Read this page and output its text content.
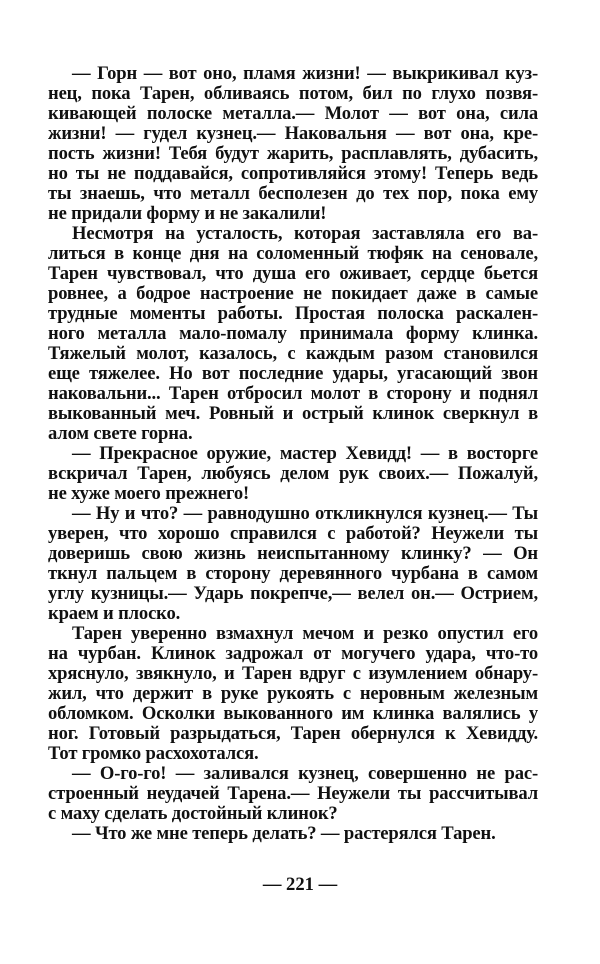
— Горн — вот оно, пламя жизни! — выкрикивал куз-
нец, пока Тарен, обливаясь потом, бил по глухо позвя-
кивающей полоске металла.— Молот — вот она, сила
жизни! — гудел кузнец.— Наковальня — вот она, кре-
пость жизни! Тебя будут жарить, расплавлять, дубасить,
но ты не поддавайся, сопротивляйся этому! Теперь ведь
ты знаешь, что металл бесполезен до тех пор, пока ему
не придали форму и не закалили!
Несмотря на усталость, которая заставляла его ва-
литься в конце дня на соломенный тюфяк на сеновале,
Тарен чувствовал, что душа его оживает, сердце бьется
ровнее, а бодрое настроение не покидает даже в самые
трудные моменты работы. Простая полоска раскален-
ного металла мало-помалу принимала форму клинка.
Тяжелый молот, казалось, с каждым разом становился
еще тяжелее. Но вот последние удары, угасающий звон
наковальни... Тарен отбросил молот в сторону и поднял
выкованный меч. Ровный и острый клинок сверкнул в
алом свете горна.
— Прекрасное оружие, мастер Хевидд! — в восторге
вскричал Тарен, любуясь делом рук своих.— Пожалуй,
не хуже моего прежнего!
— Ну и что? — равнодушно откликнулся кузнец.— Ты
уверен, что хорошо справился с работой? Неужели ты
доверишь свою жизнь неиспытанному клинку? — Он
ткнул пальцем в сторону деревянного чурбана в самом
углу кузницы.— Ударь покрепче,— велел он.— Острием,
краем и плоско.
Тарен уверенно взмахнул мечом и резко опустил его
на чурбан. Клинок задрожал от могучего удара, что-то
хряснуло, звякнуло, и Тарен вдруг с изумлением обнару-
жил, что держит в руке рукоять с неровным железным
обломком. Осколки выкованного им клинка валялись у
ног. Готовый разрыдаться, Тарен обернулся к Хевидду.
Тот громко расхохотался.
— О-го-го! — заливался кузнец, совершенно не рас-
строенный неудачей Тарена.— Неужели ты рассчитывал
с маху сделать достойный клинок?
— Что же мне теперь делать? — растерялся Тарен.
— 221 —
